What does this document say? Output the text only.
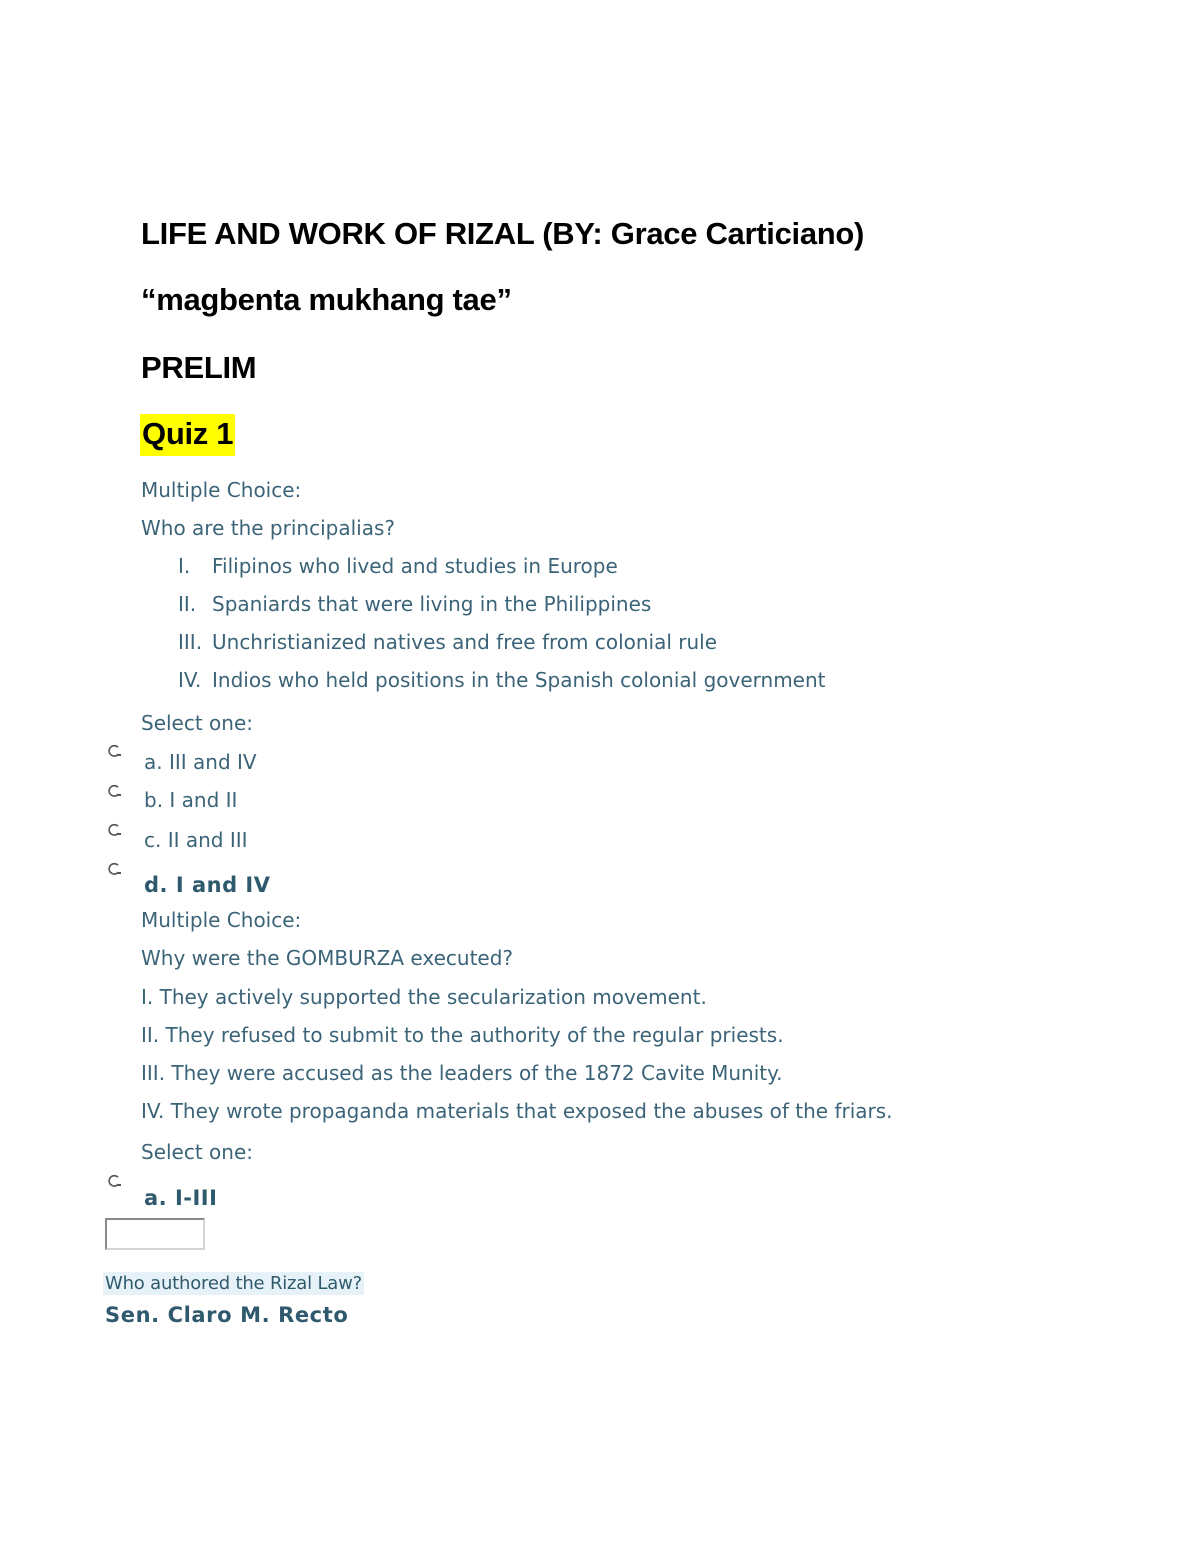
LIFE AND WORK OF RIZAL (BY: Grace Carticiano)
“magbenta mukhang tae”
PRELIM
Quiz 1
Multiple Choice:
Who are the principalias?
I. Filipinos who lived and studies in Europe
II. Spaniards that were living in the Philippines
III. Unchristianized natives and free from colonial rule
IV. Indios who held positions in the Spanish colonial government
Select one:
a. III and IV
b. I and II
c. II and III
d. I and IV
Multiple Choice:
Why were the GOMBURZA executed?
I. They actively supported the secularization movement.
II. They refused to submit to the authority of the regular priests.
III. They were accused as the leaders of the 1872 Cavite Munity.
IV. They wrote propaganda materials that exposed the abuses of the friars.
Select one:
a. I-III
Who authored the Rizal Law?
Sen. Claro M. Recto
